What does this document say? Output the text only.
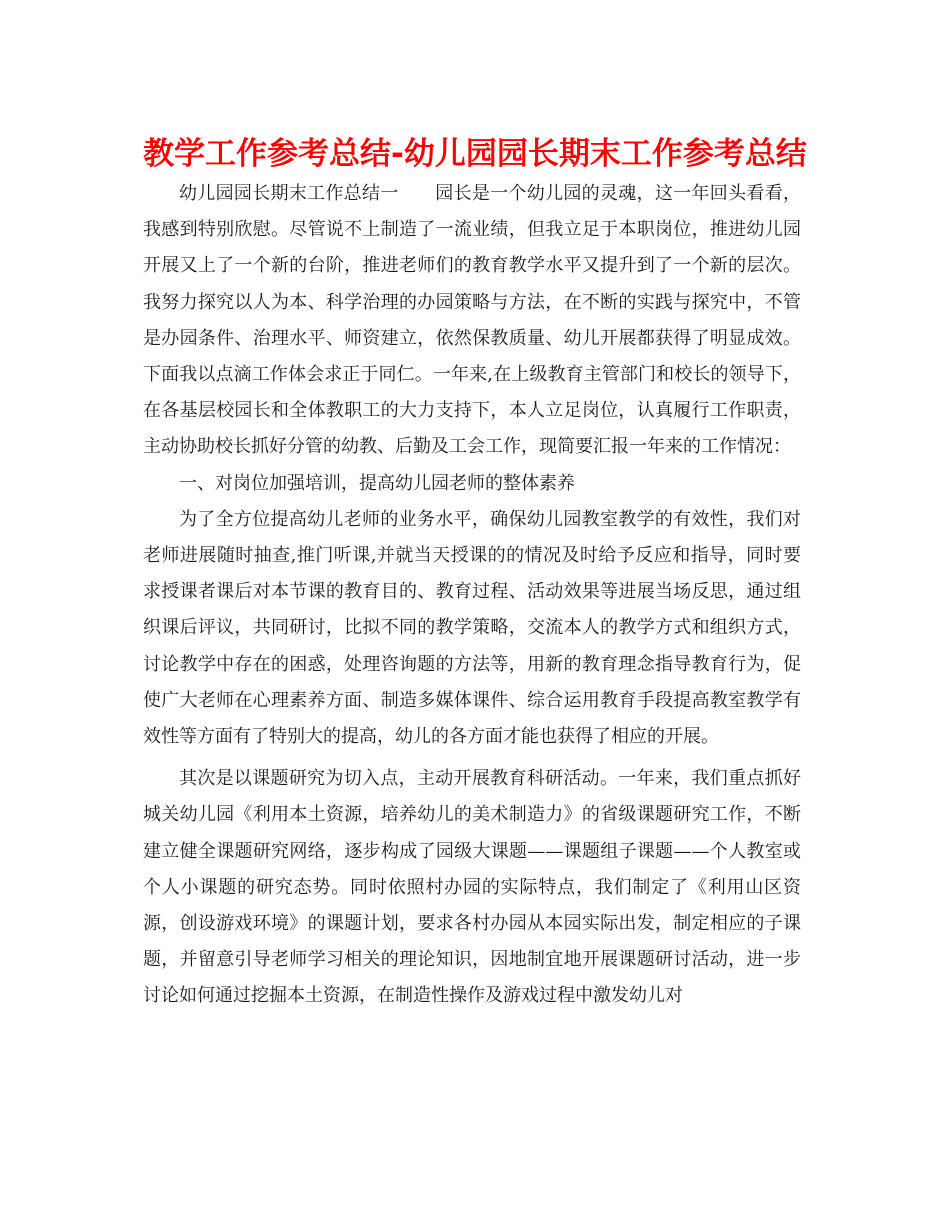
教学工作参考总结-幼儿园园长期末工作参考总结

幼儿园园长期末工作总结一　　园长是一个幼儿园的灵魂，这一年回头看看，我感到特别欣慰。尽管说不上制造了一流业绩，但我立足于本职岗位，推进幼儿园开展又上了一个新的台阶，推进老师们的教育教学水平又提升到了一个新的层次。我努力探究以人为本、科学治理的办园策略与方法，在不断的实践与探究中，不管是办园条件、治理水平、师资建立，依然保教质量、幼儿开展都获得了明显成效。下面我以点滴工作体会求正于同仁。一年来,在上级教育主管部门和校长的领导下，在各基层校园长和全体教职工的大力支持下，本人立足岗位，认真履行工作职责，主动协助校长抓好分管的幼教、后勤及工会工作，现简要汇报一年来的工作情况：

一、对岗位加强培训，提高幼儿园老师的整体素养

为了全方位提高幼儿老师的业务水平，确保幼儿园教室教学的有效性，我们对老师进展随时抽查,推门听课,并就当天授课的的情况及时给予反应和指导，同时要求授课者课后对本节课的教育目的、教育过程、活动效果等进展当场反思，通过组织课后评议，共同研讨，比拟不同的教学策略，交流本人的教学方式和组织方式，讨论教学中存在的困惑，处理咨询题的方法等，用新的教育理念指导教育行为，促使广大老师在心理素养方面、制造多媒体课件、综合运用教育手段提高教室教学有效性等方面有了特别大的提高，幼儿的各方面才能也获得了相应的开展。

其次是以课题研究为切入点，主动开展教育科研活动。一年来，我们重点抓好城关幼儿园《利用本土资源，培养幼儿的美术制造力》的省级课题研究工作，不断建立健全课题研究网络，逐步构成了园级大课题——课题组子课题——个人教室或个人小课题的研究态势。同时依照村办园的实际特点，我们制定了《利用山区资源，创设游戏环境》的课题计划，要求各村办园从本园实际出发，制定相应的子课题，并留意引导老师学习相关的理论知识，因地制宜地开展课题研讨活动，进一步讨论如何通过挖掘本土资源，在制造性操作及游戏过程中激发幼儿对
